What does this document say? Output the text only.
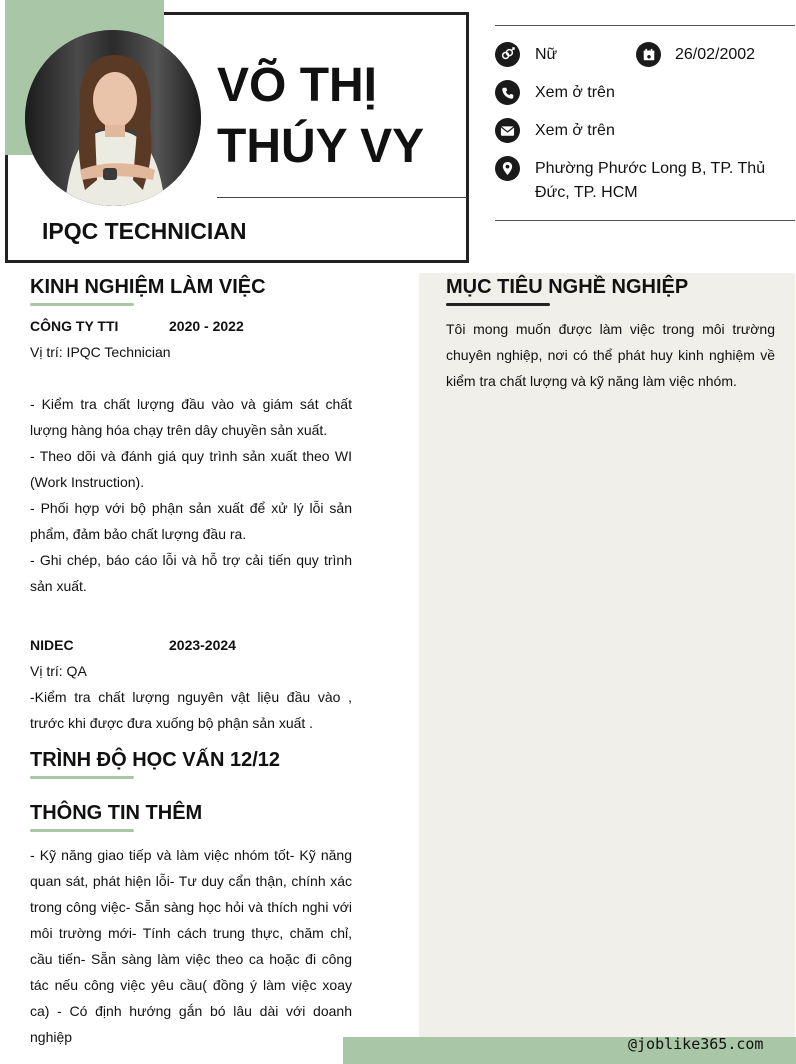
VÕ THỊ
THÚY VY
IPQC TECHNICIAN
Nữ	26/02/2002
Xem ở trên
Xem ở trên
Phường Phước Long B, TP. Thủ
Đức, TP. HCM
MỤC TIÊU NGHỀ NGHIỆP
Tôi mong muốn được làm việc trong môi trường chuyên nghiệp, nơi có thể phát huy kinh nghiệm về kiểm tra chất lượng và kỹ năng làm việc nhóm.
KINH NGHIỆM LÀM VIỆC
CÔNG TY TTI	2020 - 2022
Vị trí: IPQC Technician
- Kiểm tra chất lượng đầu vào và giám sát chất lượng hàng hóa chạy trên dây chuyền sản xuất.
- Theo dõi và đánh giá quy trình sản xuất theo WI (Work Instruction).
- Phối hợp với bộ phận sản xuất để xử lý lỗi sản phẩm, đảm bảo chất lượng đầu ra.
- Ghi chép, báo cáo lỗi và hỗ trợ cải tiến quy trình sản xuất.
NIDEC	2023-2024
Vị trí: QA
-Kiểm tra chất lượng nguyên vật liệu đầu vào , trước khi được đưa xuống bộ phận sản xuất .
TRÌNH ĐỘ HỌC VẤN 12/12
THÔNG TIN THÊM
- Kỹ năng giao tiếp và làm việc nhóm tốt- Kỹ năng quan sát, phát hiện lỗi- Tư duy cẩn thận, chính xác trong công việc- Sẵn sàng học hỏi và thích nghi với môi trường mới- Tính cách trung thực, chăm chỉ, cầu tiến- Sẵn sàng làm việc theo ca hoặc đi công tác nếu công việc yêu cầu( đồng ý làm việc xoay ca) - Có định hướng gắn bó lâu dài với doanh nghiệp	@joblike365.com
